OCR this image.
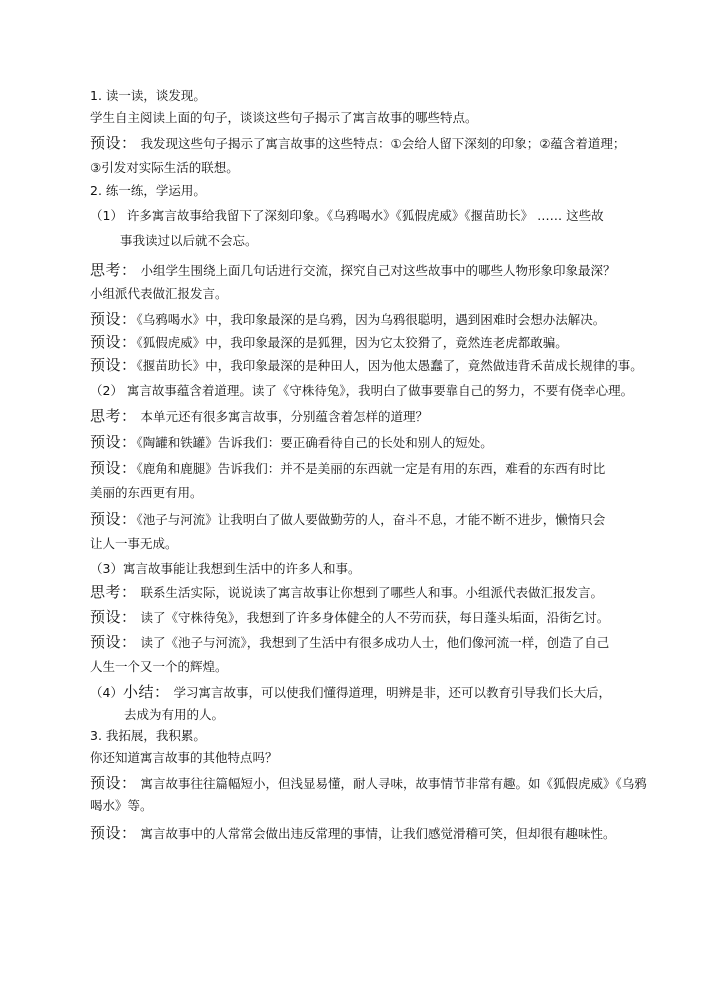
1. 读一读，谈发现。
学生自主阅读上面的句子，谈谈这些句子揭示了寓言故事的哪些特点。
预设： 我发现这些句子揭示了寓言故事的这些特点：①会给人留下深刻的印象；②蕴含着道理；
③引发对实际生活的联想。
2. 练一练，学运用。
（1） 许多寓言故事给我留下了深刻印象。《乌鸦喝水》《狐假虎威》《揠苗助长》 …… 这些故
事我读过以后就不会忘。
思考： 小组学生围绕上面几句话进行交流，探究自己对这些故事中的哪些人物形象印象最深？
小组派代表做汇报发言。
预设：《乌鸦喝水》中，我印象最深的是乌鸦，因为乌鸦很聪明，遇到困难时会想办法解决。
预设：《狐假虎威》中，我印象最深的是狐狸，因为它太狡猾了，竟然连老虎都敢骗。
预设：《揠苗助长》中，我印象最深的是种田人，因为他太愚蠢了，竟然做违背禾苗成长规律的事。
（2） 寓言故事蕴含着道理。读了《守株待兔》，我明白了做事要靠自己的努力，不要有侥幸心理。
思考： 本单元还有很多寓言故事，分别蕴含着怎样的道理？
预设：《陶罐和铁罐》告诉我们：要正确看待自己的长处和别人的短处。
预设：《鹿角和鹿腿》告诉我们：并不是美丽的东西就一定是有用的东西，难看的东西有时比
美丽的东西更有用。
预设：《池子与河流》让我明白了做人要做勤劳的人，奋斗不息，才能不断不进步，懒惰只会
让人一事无成。
（3）寓言故事能让我想到生活中的许多人和事。
思考： 联系生活实际，说说读了寓言故事让你想到了哪些人和事。小组派代表做汇报发言。
预设： 读了《守株待兔》，我想到了许多身体健全的人不劳而获，每日蓬头垢面，沿街乞讨。
预设： 读了《池子与河流》，我想到了生活中有很多成功人士，他们像河流一样，创造了自己
人生一个又一个的辉煌。
（4）小结： 学习寓言故事，可以使我们懂得道理，明辨是非，还可以教育引导我们长大后，
去成为有用的人。
3. 我拓展，我积累。
你还知道寓言故事的其他特点吗？
预设： 寓言故事往往篇幅短小，但浅显易懂，耐人寻味，故事情节非常有趣。如《狐假虎威》《乌鸦
喝水》等。
预设： 寓言故事中的人常常会做出违反常理的事情，让我们感觉滑稽可笑，但却很有趣味性。
